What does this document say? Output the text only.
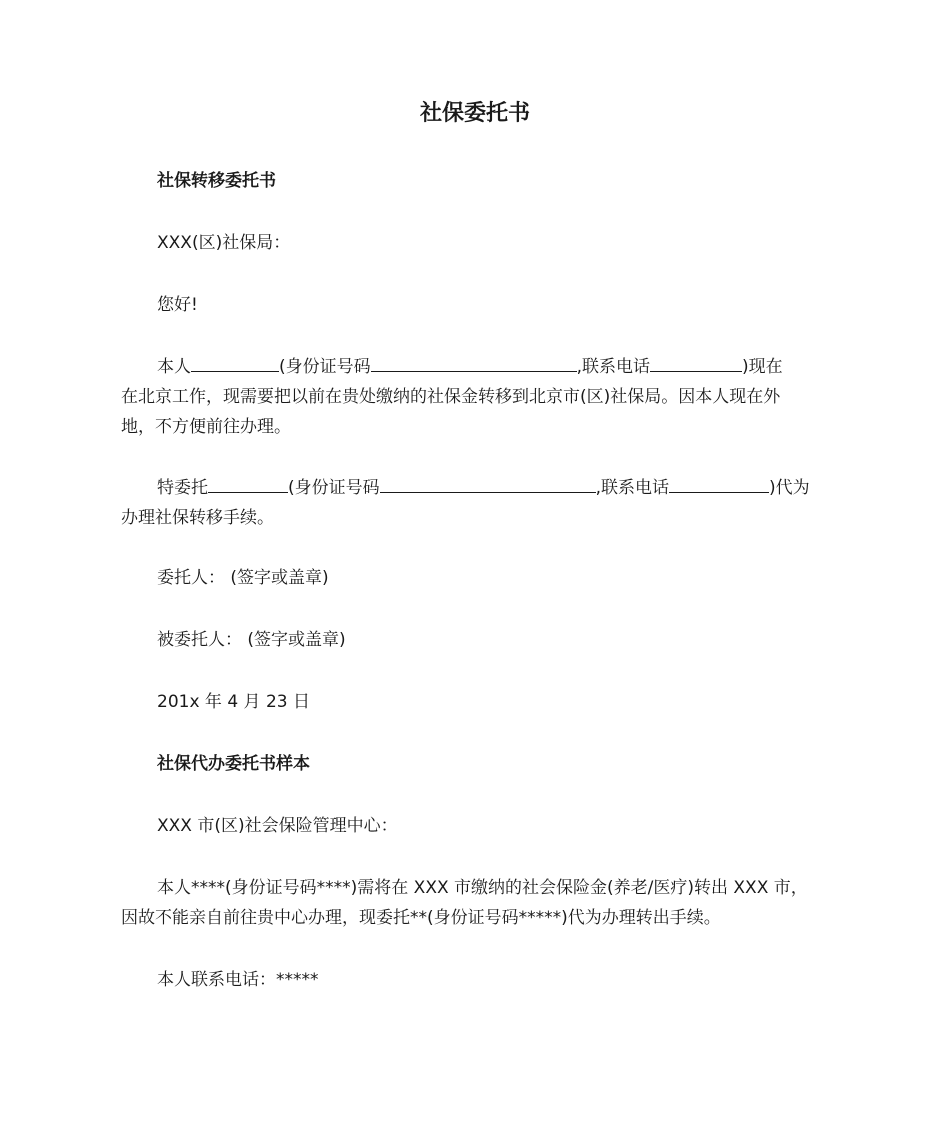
社保委托书
社保转移委托书
XXX(区)社保局：
您好!
本人	(身份证号码	,联系电话	)现在
在北京工作，现需要把以前在贵处缴纳的社保金转移到北京市(区)社保局。因本人现在外
地，不方便前往办理。
特委托	(身份证号码	,联系电话	)代为
办理社保转移手续。
委托人： (签字或盖章)
被委托人： (签字或盖章)
201x 年 4 月 23 日
社保代办委托书样本
XXX 市(区)社会保险管理中心：
本人****(身份证号码****)需将在 XXX 市缴纳的社会保险金(养老/医疗)转出 XXX 市，
因故不能亲自前往贵中心办理，现委托**(身份证号码*****)代为办理转出手续。
本人联系电话：*****
